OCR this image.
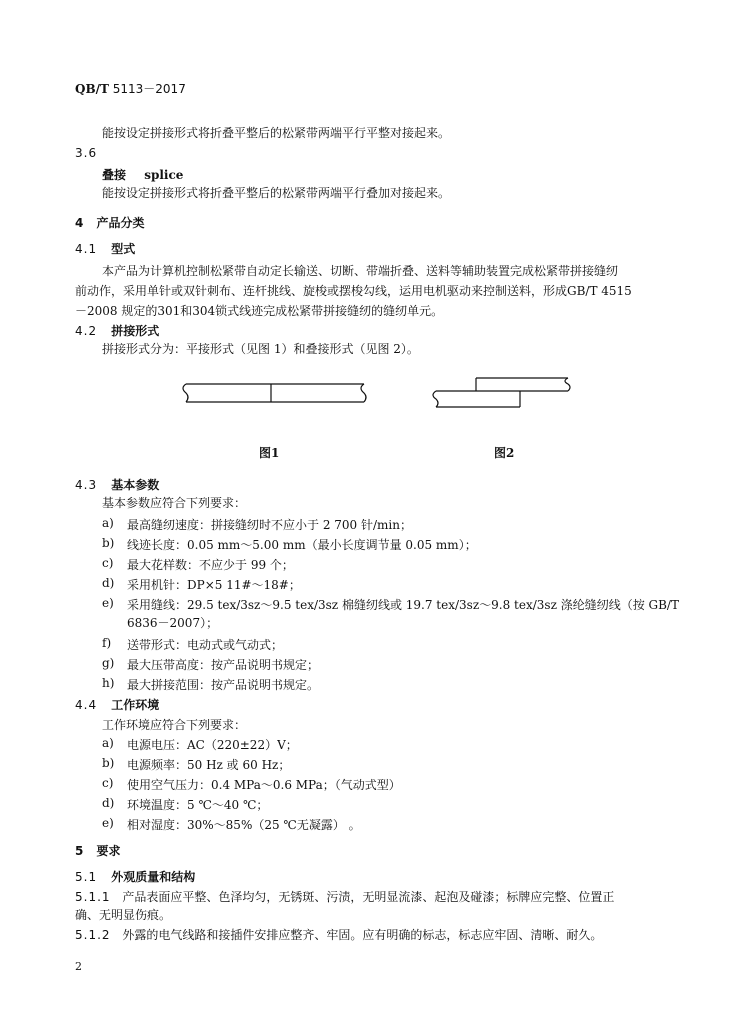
QB/T 5113－2017
能按设定拼接形式将折叠平整后的松紧带两端平行平整对接起来。
3.6
叠接 splice
能按设定拼接形式将折叠平整后的松紧带两端平行叠加对接起来。
4 产品分类
4.1 型式
本产品为计算机控制松紧带自动定长输送、切断、带端折叠、送料等辅助装置完成松紧带拼接缝纫
前动作，采用单针或双针刺布、连杆挑线、旋梭或摆梭勾线，运用电机驱动来控制送料，形成GB/T 4515
－2008 规定的301和304锁式线迹完成松紧带拼接缝纫的缝纫单元。
4.2 拼接形式
拼接形式分为：平接形式（见图 1）和叠接形式（见图 2）。
图1	图2
4.3 基本参数
基本参数应符合下列要求：
a) 最高缝纫速度：拼接缝纫时不应小于 2 700 针/min；
b) 线迹长度：0.05 mm～5.00 mm（最小长度调节量 0.05 mm）；
c) 最大花样数：不应少于 99 个；
d) 采用机针：DP×5 11#～18#；
e) 采用缝线：29.5 tex/3sz～9.5 tex/3sz 棉缝纫线或 19.7 tex/3sz～9.8 tex/3sz 涤纶缝纫线（按 GB/T
6836－2007）；
f) 送带形式：电动式或气动式；
g) 最大压带高度：按产品说明书规定；
h) 最大拼接范围：按产品说明书规定。
4.4 工作环境
工作环境应符合下列要求：
a) 电源电压：AC（220±22）V；
b) 电源频率：50 Hz 或 60 Hz；
c) 使用空气压力：0.4 MPa～0.6 MPa；（气动式型）
d) 环境温度：5 ℃～40 ℃；
e) 相对湿度：30%～85%（25 ℃无凝露） 。
5 要求
5.1 外观质量和结构
5.1.1 产品表面应平整、色泽均匀，无锈斑、污渍，无明显流漆、起泡及碰漆；标牌应完整、位置正
确、无明显伤痕。
5.1.2 外露的电气线路和接插件安排应整齐、牢固。应有明确的标志，标志应牢固、清晰、耐久。
2
